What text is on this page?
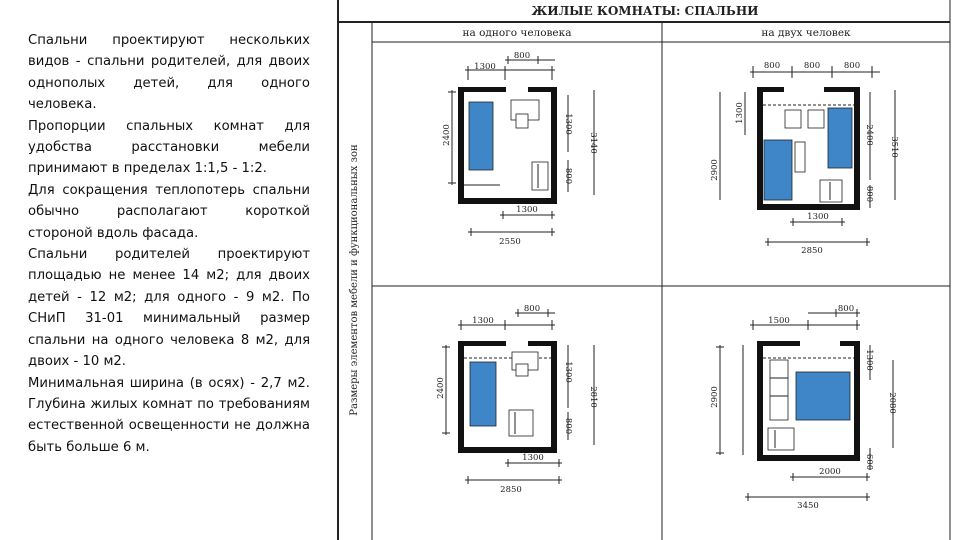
Спальни проектируют нескольких видов - спальни родителей, для двоих однополых детей, для одного человека.

Пропорции спальных комнат для удобства расстановки мебели принимают в пределах 1:1,5 - 1:2.

Для сокращения теплопотерь спальни обычно располагают короткой стороной вдоль фасада.

Спальни родителей проектируют площадью не менее 14 м2; для двоих детей - 12 м2; для одного - 9 м2. По СНиП 31-01 минимальный размер спальни на одного человека 8 м2, для двоих - 10 м2.

Минимальная ширина (в осях) - 2,7 м2. Глубина жилых комнат по требованиям естественной освещенности не должна быть больше 6 м.

ЖИЛЫЕ КОМНАТЫ: СПАЛЬНИ
на одного человека	на двух человек
Размеры элементов мебели и функциональных зон
1300
800
2400
1300
3140
800
1300
2550
800	800	800
1300
2900
2400
3510
800
1300
2850
1300
800
2400
1300
2810
800
1300
2850
1500
800
2900
1300
2080
600
2000
3450
